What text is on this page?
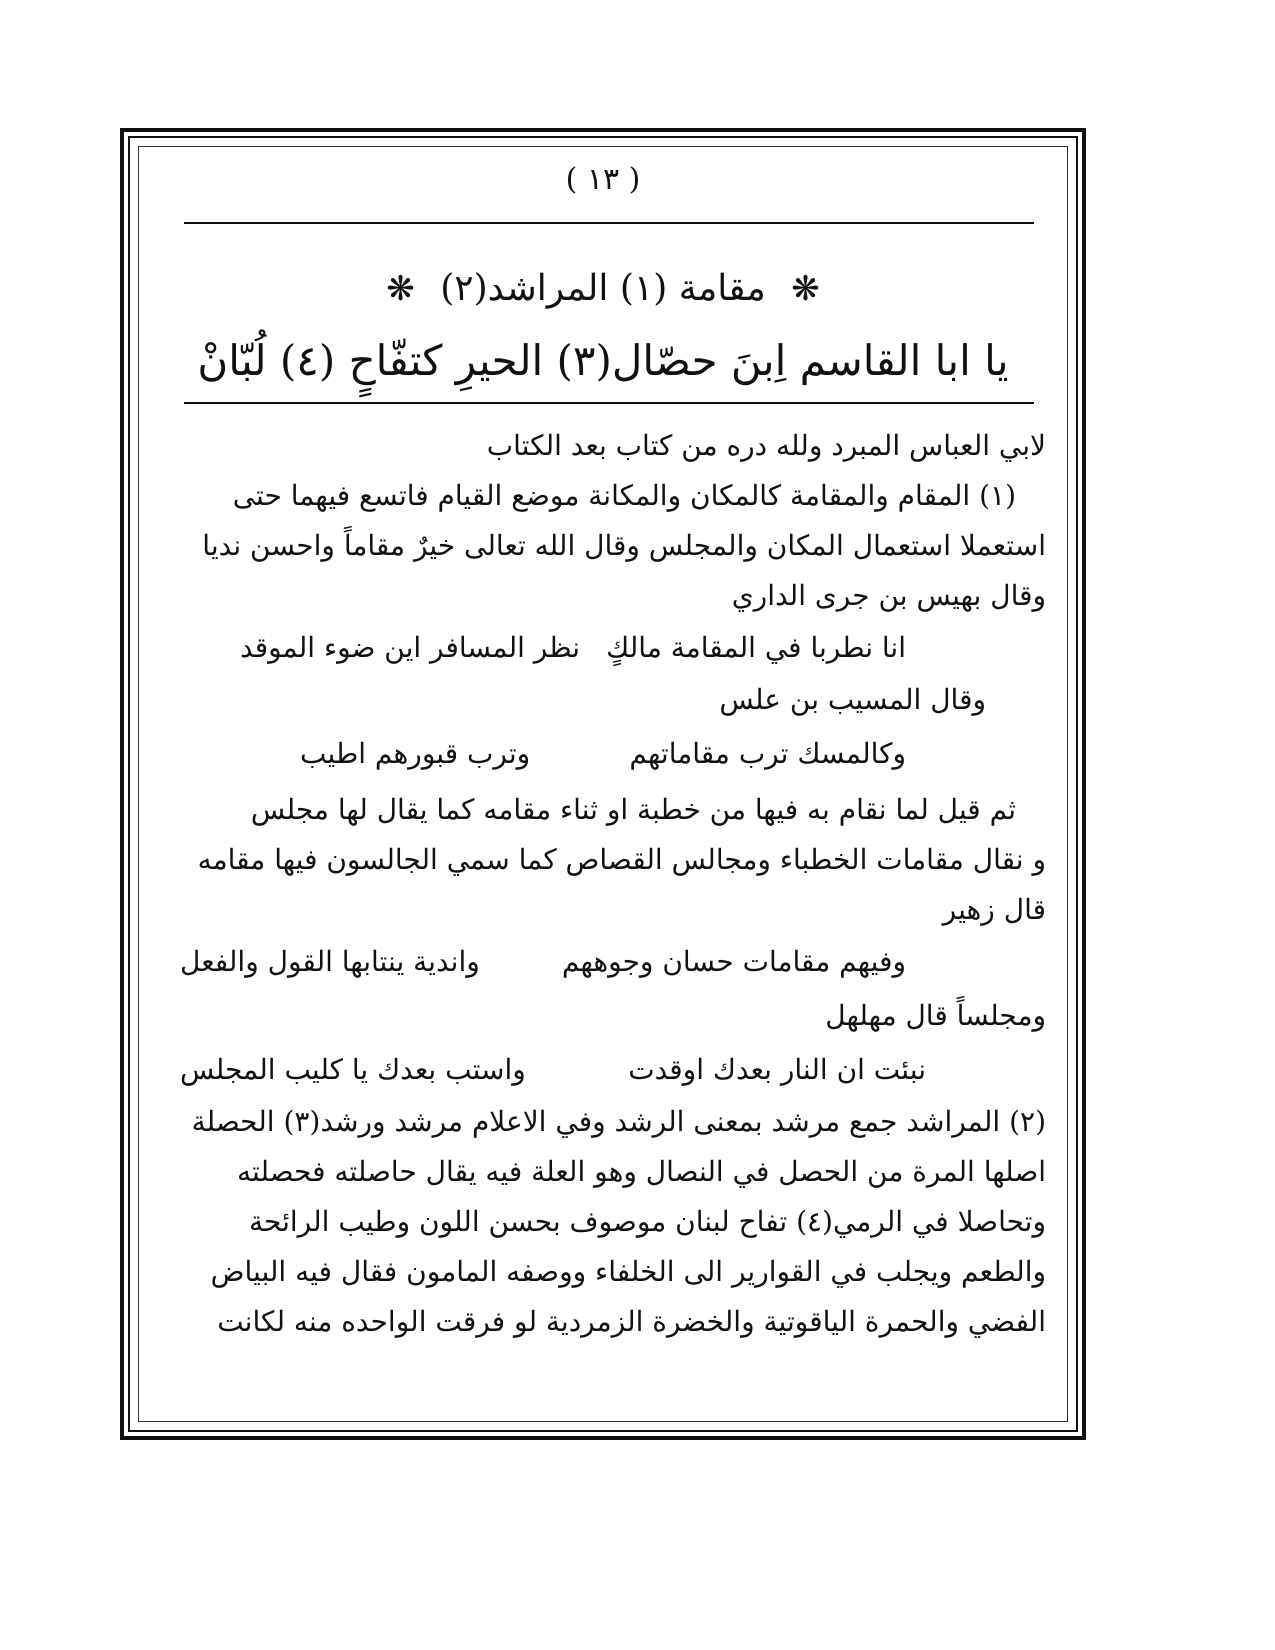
( ١٣ )
❋ مقامة (١) المراشد(٢) ❋
يا ابا القاسم اِبنَ حصّال(٣) الحيرِ كتفّاحٍ (٤) لُبّانْ
لابي العباس المبرد ولله دره من كتاب بعد الكتاب
(١) المقام والمقامة كالمكان والمكانة موضع القيام فاتسع فيهما حتى
استعملا استعمال المكان والمجلس وقال الله تعالى خيرٌ مقاماً واحسن نديا
وقال بهيس بن جرى الداري
انا نطربا في المقامة مالكٍ
نظر المسافر اين ضوء الموقد
وقال المسيب بن علس
وكالمسك ترب مقاماتهم
وترب قبورهم اطيب
ثم قيل لما نقام به فيها من خطبة او ثناء مقامه كما يقال لها مجلس
و نقال مقامات الخطباء ومجالس القصاص كما سمي الجالسون فيها مقامه
قال زهير
وفيهم مقامات حسان وجوههم
واندية ينتابها القول والفعل
ومجلساً قال مهلهل
نبئت ان النار بعدك اوقدت
واستب بعدك يا كليب المجلس
(٢) المراشد جمع مرشد بمعنى الرشد وفي الاعلام مرشد ورشد(٣) الحصلة
اصلها المرة من الحصل في النصال وهو العلة فيه يقال حاصلته فحصلته
وتحاصلا في الرمي(٤) تفاح لبنان موصوف بحسن اللون وطيب الرائحة
والطعم ويجلب في القوارير الى الخلفاء ووصفه المامون فقال فيه البياض
الفضي والحمرة الياقوتية والخضرة الزمردية لو فرقت الواحده منه لكانت
